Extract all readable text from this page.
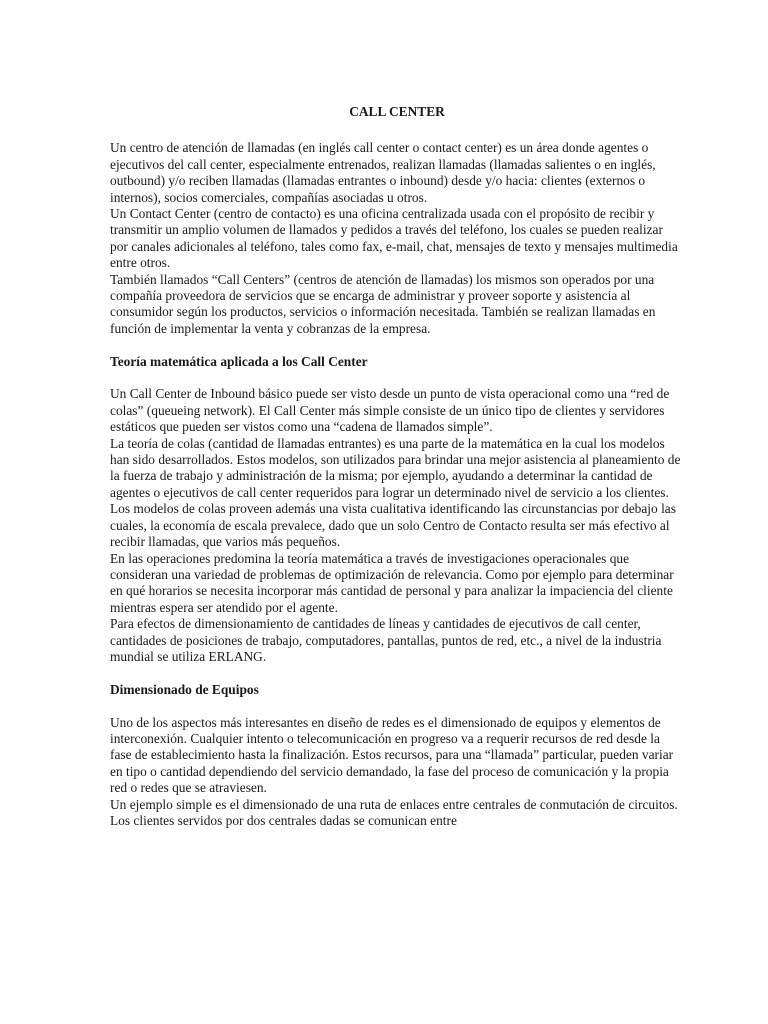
CALL CENTER

Un centro de atención de llamadas (en inglés call center o contact center) es un área donde agentes o ejecutivos del call center, especialmente entrenados, realizan llamadas (llamadas salientes o en inglés, outbound) y/o reciben llamadas (llamadas entrantes o inbound) desde y/o hacia: clientes (externos o internos), socios comerciales, compañías asociadas u otros.

Un Contact Center (centro de contacto) es una oficina centralizada usada con el propósito de recibir y transmitir un amplio volumen de llamados y pedidos a través del teléfono, los cuales se pueden realizar por canales adicionales al teléfono, tales como fax, e-mail, chat, mensajes de texto y mensajes multimedia entre otros.

También llamados “Call Centers” (centros de atención de llamadas) los mismos son operados por una compañía proveedora de servicios que se encarga de administrar y proveer soporte y asistencia al consumidor según los productos, servicios o información necesitada. También se realizan llamadas en función de implementar la venta y cobranzas de la empresa.

Teoría matemática aplicada a los Call Center

Un Call Center de Inbound básico puede ser visto desde un punto de vista operacional como una “red de colas” (queueing network). El Call Center más simple consiste de un único tipo de clientes y servidores estáticos que pueden ser vistos como una “cadena de llamados simple”.

La teoría de colas (cantidad de llamadas entrantes) es una parte de la matemática en la cual los modelos han sido desarrollados. Estos modelos, son utilizados para brindar una mejor asistencia al planeamiento de la fuerza de trabajo y administración de la misma; por ejemplo, ayudando a determinar la cantidad de agentes o ejecutivos de call center requeridos para lograr un determinado nivel de servicio a los clientes.

Los modelos de colas proveen además una vista cualitativa identificando las circunstancias por debajo las cuales, la economía de escala prevalece, dado que un solo Centro de Contacto resulta ser más efectivo al recibir llamadas, que varios más pequeños.

En las operaciones predomina la teoría matemática a través de investigaciones operacionales que consideran una variedad de problemas de optimización de relevancia. Como por ejemplo para determinar en qué horarios se necesita incorporar más cantidad de personal y para analizar la impaciencia del cliente mientras espera ser atendido por el agente.

Para efectos de dimensionamiento de cantidades de líneas y cantidades de ejecutivos de call center, cantidades de posiciones de trabajo, computadores, pantallas, puntos de red, etc., a nivel de la industria mundial se utiliza ERLANG.

Dimensionado de Equipos

Uno de los aspectos más interesantes en diseño de redes es el dimensionado de equipos y elementos de interconexión. Cualquier intento o telecomunicación en progreso va a requerir recursos de red desde la fase de establecimiento hasta la finalización. Estos recursos, para una “llamada” particular, pueden variar en tipo o cantidad dependiendo del servicio demandado, la fase del proceso de comunicación y la propia red o redes que se atraviesen.

Un ejemplo simple es el dimensionado de una ruta de enlaces entre centrales de conmutación de circuitos. Los clientes servidos por dos centrales dadas se comunican entre
